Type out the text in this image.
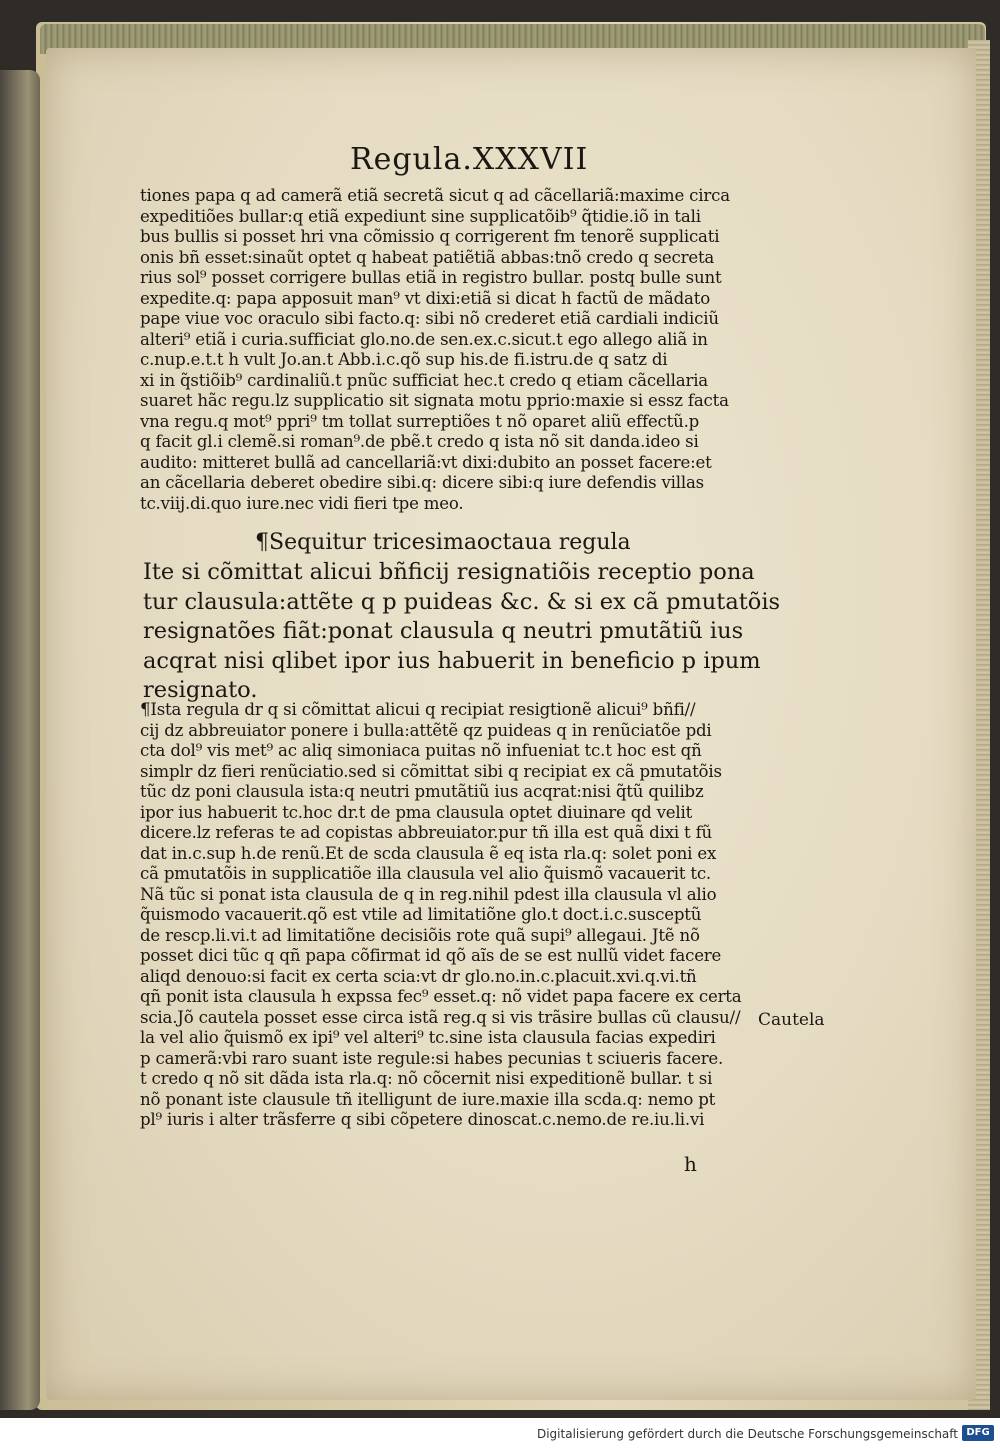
Regula.XXXVII
tiones papa q ad camerã etiã secretã sicut q ad cãcellariã:maxime circa
expeditiões bullar:q etiã expediunt sine supplicatõib⁹ q̃tidie.iõ in tali
bus bullis si posset hri vna cõmissio q corrigerent fm tenorẽ supplicati
onis bñ esset:sinaũt optet q habeat patiẽtiã abbas:tnõ credo q secreta
rius sol⁹ posset corrigere bullas etiã in registro bullar. postq bulle sunt
expedite.q: papa apposuit man⁹ vt dixi:etiã si dicat h factũ de mãdato
pape viue voc oraculo sibi facto.q: sibi nõ crederet etiã cardiali indiciũ
alteri⁹ etiã i curia.sufficiat glo.no.de sen.ex.c.sicut.t ego allego aliã in
c.nup.e.t.t h vult Jo.an.t Abb.i.c.qõ sup his.de fi.istru.de q satz di
xi in q̃stiõib⁹ cardinaliũ.t pnũc sufficiat hec.t credo q etiam cãcellaria
suaret hãc regu.lz supplicatio sit signata motu pprio:maxie si essz facta
vna regu.q mot⁹ ppri⁹ tm tollat surreptiões t nõ oparet aliũ effectũ.p
q facit gl.i clemẽ.si roman⁹.de pbẽ.t credo q ista nõ sit danda.ideo si
audito: mitteret bullã ad cancellariã:vt dixi:dubito an posset facere:et
an cãcellaria deberet obedire sibi.q: dicere sibi:q iure defendis villas
tc.viij.di.quo iure.nec vidi fieri tpe meo.
¶Sequitur tricesimaoctaua regula
Ite si cõmittat alicui bñficij resignatiõis receptio pona
tur clausula:attẽte q p puideas &c. & si ex cã pmutatõis
resignatões fiãt:ponat clausula q neutri pmutãtiũ ius
acqrat nisi qlibet ipor ius habuerit in beneficio p ipum
resignato.
¶Ista regula dr q si cõmittat alicui q recipiat resigtionẽ alicui⁹ bñfi//
cij dz abbreuiator ponere i bulla:attẽtẽ qz puideas q in renũciatõe pdi
cta dol⁹ vis met⁹ ac aliq simoniaca puitas nõ infueniat tc.t hoc est qñ
simplr dz fieri renũciatio.sed si cõmittat sibi q recipiat ex cã pmutatõis
tũc dz poni clausula ista:q neutri pmutãtiũ ius acqrat:nisi q̃tũ quilibz
ipor ius habuerit tc.hoc dr.t de pma clausula optet diuinare qd velit
dicere.lz referas te ad copistas abbreuiator.pur tñ illa est quã dixi t fũ
dat in.c.sup h.de renũ.Et de scda clausula ẽ eq ista rla.q: solet poni ex
cã pmutatõis in supplicatiõe illa clausula vel alio q̃uismõ vacauerit tc.
Nã tũc si ponat ista clausula de q in reg.nihil pdest illa clausula vl alio
q̃uismodo vacauerit.qõ est vtile ad limitatiõne glo.t doct.i.c.susceptũ
de rescp.li.vi.t ad limitatiõne decisiõis rote quã supi⁹ allegaui. Jtẽ nõ
posset dici tũc q qñ papa cõfirmat id qõ aĩs de se est nullũ videt facere
aliqd denouo:si facit ex certa scia:vt dr glo.no.in.c.placuit.xvi.q.vi.tñ
qñ ponit ista clausula h expssa fec⁹ esset.q: nõ videt papa facere ex certa
scia.Jõ cautela posset esse circa istã reg.q si vis trãsire bullas cũ clausu//
la vel alio q̃uismõ ex ipi⁹ vel alteri⁹ tc.sine ista clausula facias expediri
p camerã:vbi raro suant iste regule:si habes pecunias t sciueris facere.
t credo q nõ sit dãda ista rla.q: nõ cõcernit nisi expeditionẽ bullar. t si
nõ ponant iste clausule tñ itelligunt de iure.maxie illa scda.q: nemo pt
pl⁹ iuris i alter trãsferre q sibi cõpetere dinoscat.c.nemo.de re.iu.li.vi
Cautela
h
Digitalisierung gefördert durch die Deutsche Forschungsgemeinschaft DFG
